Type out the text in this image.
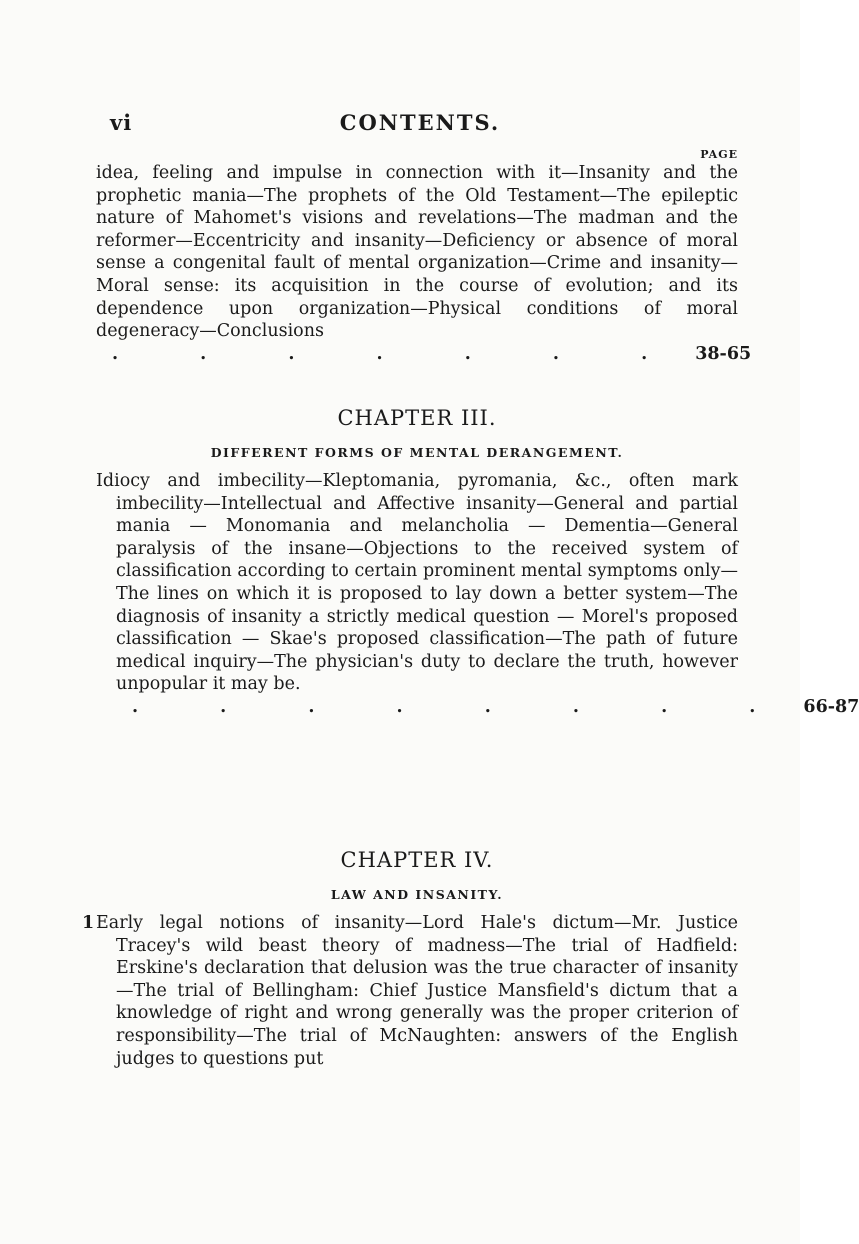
vi	CONTENTS.
PAGE

idea, feeling and impulse in connection with it—Insanity and the prophetic mania—The prophets of the Old Testament—The epileptic nature of Mahomet's visions and revelations—The madman and the reformer—Eccentricity and insanity—Deficiency or absence of moral sense a congenital fault of mental organization—Crime and insanity—Moral sense: its acquisition in the course of evolution; and its dependence upon organization—Physical conditions of moral degeneracy—Conclusions

. . . . . . . 38-65
CHAPTER III.
DIFFERENT FORMS OF MENTAL DERANGEMENT.

Idiocy and imbecility—Kleptomania, pyromania, &c., often mark imbecility—Intellectual and Affective insanity—General and partial mania — Monomania and melancholia — Dementia—General paralysis of the insane—Objections to the received system of classification according to certain prominent mental symptoms only—The lines on which it is proposed to lay down a better system—The diagnosis of insanity a strictly medical question — Morel's proposed classification — Skae's proposed classification—The path of future medical inquiry—The physician's duty to declare the truth, however unpopular it may be.

. . . . . . . . 66-87
CHAPTER IV.
LAW AND INSANITY.
1 Early legal notions of insanity—Lord Hale's dictum—Mr. Justice Tracey's wild beast theory of madness—The trial of Hadfield: Erskine's declaration that delusion was the true character of insanity—The trial of Bellingham: Chief Justice Mansfield's dictum that a knowledge of right and wrong generally was the proper criterion of responsibility—The trial of McNaughten: answers of the English judges to questions put
